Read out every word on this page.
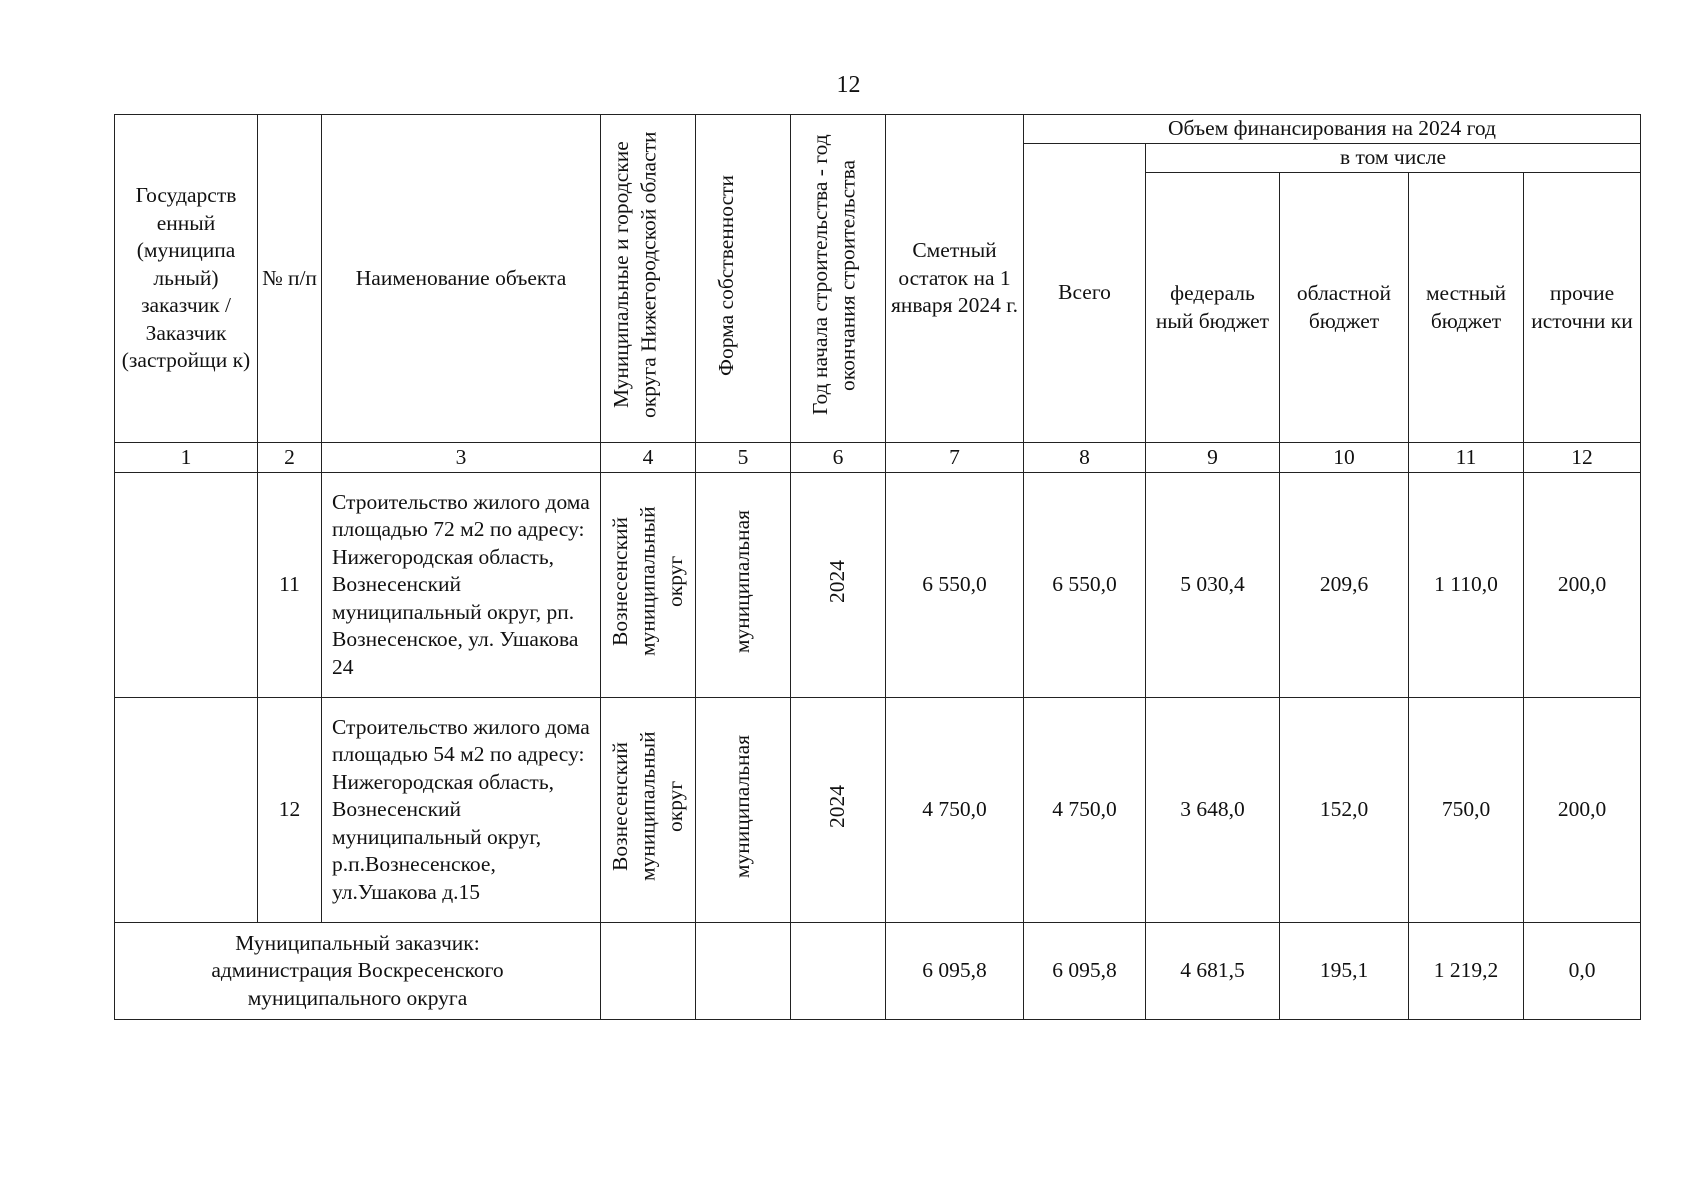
12
Государств енный (муниципа льный) заказчик / Заказчик (застройщи к)	№ п/п	Наименование объекта	Муниципальные и городские округа Нижегородской области	Форма собственности	Год начала строительства - год окончания строительства	Сметный остаток на 1 января 2024 г.	Объем финансирования на 2024 год				
							Всего	в том числе			
								федераль ный бюджет	областной бюджет	местный бюджет	прочие источни ки
1	2	3	4	5	6	7	8	9	10	11	12
	11	Строительство жилого дома площадью 72 м2 по адресу: Нижегородская область, Вознесенский муниципальный округ, рп. Вознесенское, ул. Ушакова 24	Вознесенский муниципальный округ	муниципальная	2024	6 550,0	6 550,0	5 030,4	209,6	1 110,0	200,0
	12	Строительство жилого дома площадью 54 м2 по адресу: Нижегородская область, Вознесенский муниципальный округ, р.п.Вознесенское, ул.Ушакова д.15	Вознесенский муниципальный округ	муниципальная	2024	4 750,0	4 750,0	3 648,0	152,0	750,0	200,0
Муниципальный заказчик: администрация Воскресенского муниципального округа						6 095,8	6 095,8	4 681,5	195,1	1 219,2	0,0
